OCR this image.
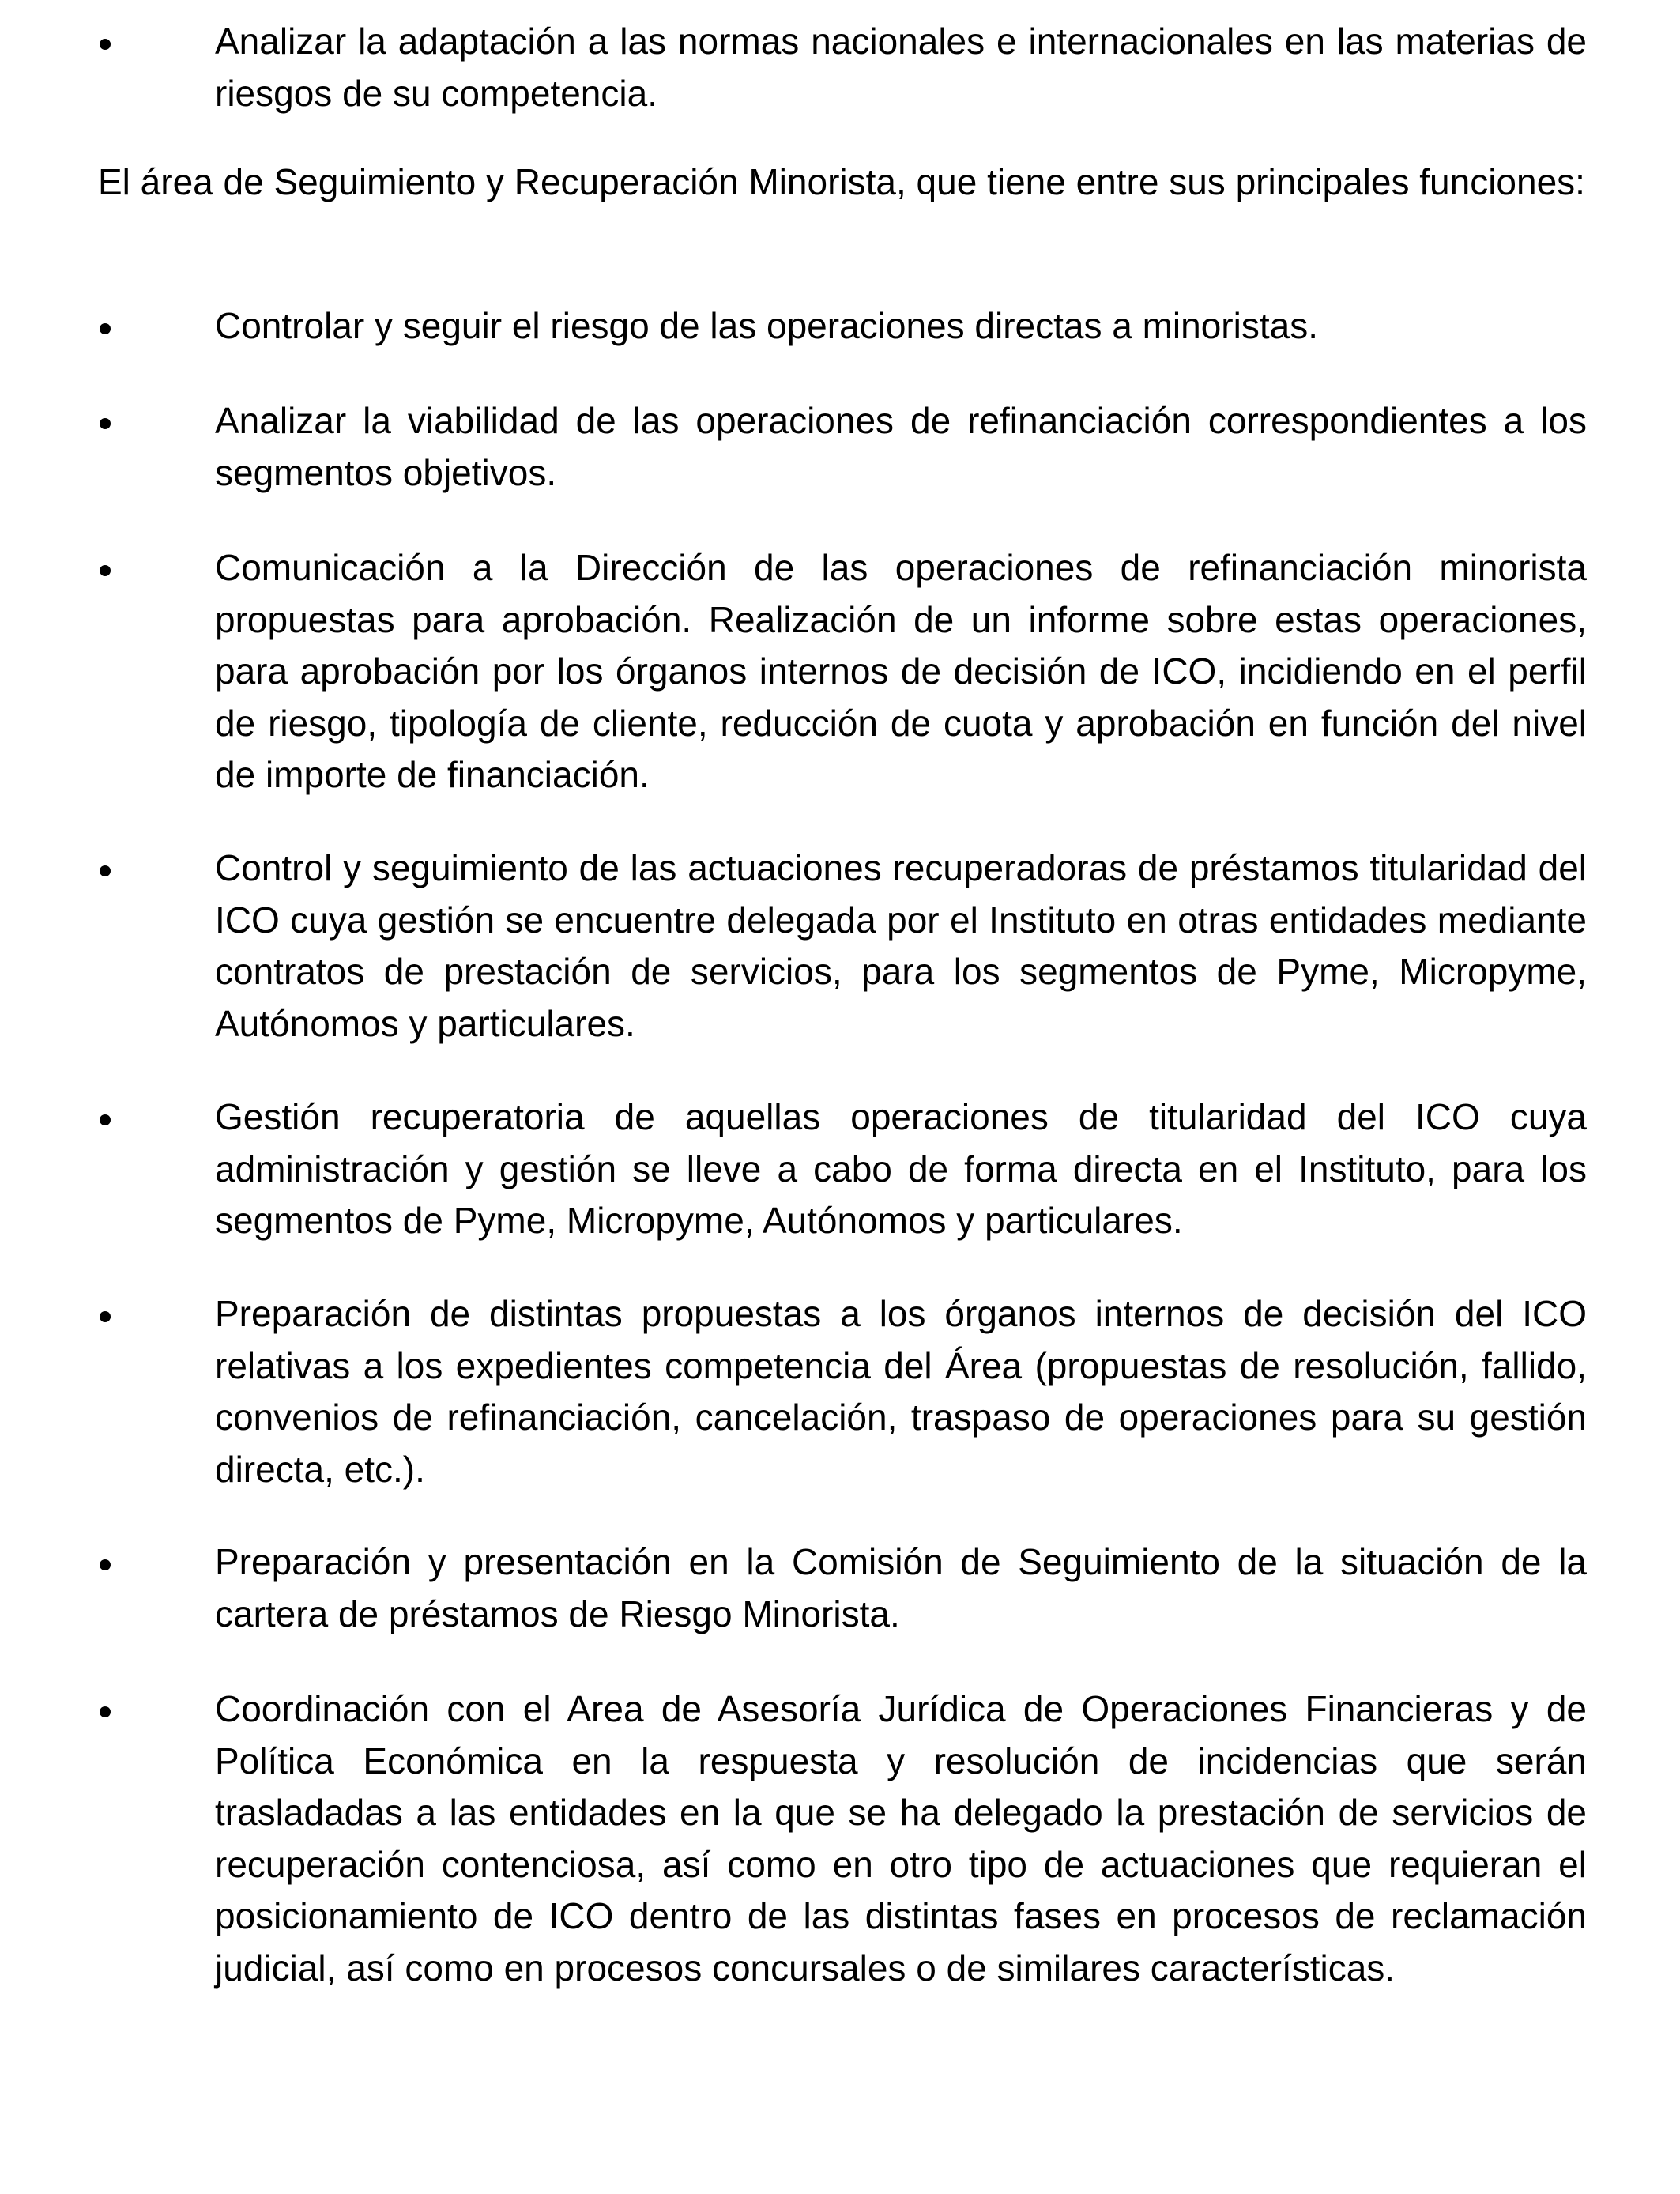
Analizar la adaptación a las normas nacionales e internacionales en las materias de riesgos de su competencia.

El área de Seguimiento y Recuperación Minorista, que tiene entre sus principales funciones:

Controlar y seguir el riesgo de las operaciones directas a minoristas.

Analizar la viabilidad de las operaciones de refinanciación correspondientes a los segmentos objetivos.

Comunicación a la Dirección de las operaciones de refinanciación minorista propuestas para aprobación. Realización de un informe sobre estas operaciones, para aprobación por los órganos internos de decisión de ICO, incidiendo en el perfil de riesgo, tipología de cliente, reducción de cuota y aprobación en función del nivel de importe de financiación.

Control y seguimiento de las actuaciones recuperadoras de préstamos titularidad del ICO cuya gestión se encuentre delegada por el Instituto en otras entidades mediante contratos de prestación de servicios, para los segmentos de Pyme, Micropyme, Autónomos y particulares.

Gestión recuperatoria de aquellas operaciones de titularidad del ICO cuya administración y gestión se lleve a cabo de forma directa en el Instituto, para los segmentos de Pyme, Micropyme, Autónomos y particulares.

Preparación de distintas propuestas a los órganos internos de decisión del ICO relativas a los expedientes competencia del Área (propuestas de resolución, fallido, convenios de refinanciación, cancelación, traspaso de operaciones para su gestión directa, etc.).

Preparación y presentación en la Comisión de Seguimiento de la situación de la cartera de préstamos de Riesgo Minorista.

Coordinación con el Area de Asesoría Jurídica de Operaciones Financieras y de Política Económica en la respuesta y resolución de incidencias que serán trasladadas a las entidades en la que se ha delegado la prestación de servicios de recuperación contenciosa, así como en otro tipo de actuaciones que requieran el posicionamiento de ICO dentro de las distintas fases en procesos de reclamación judicial, así como en procesos concursales o de similares características.
